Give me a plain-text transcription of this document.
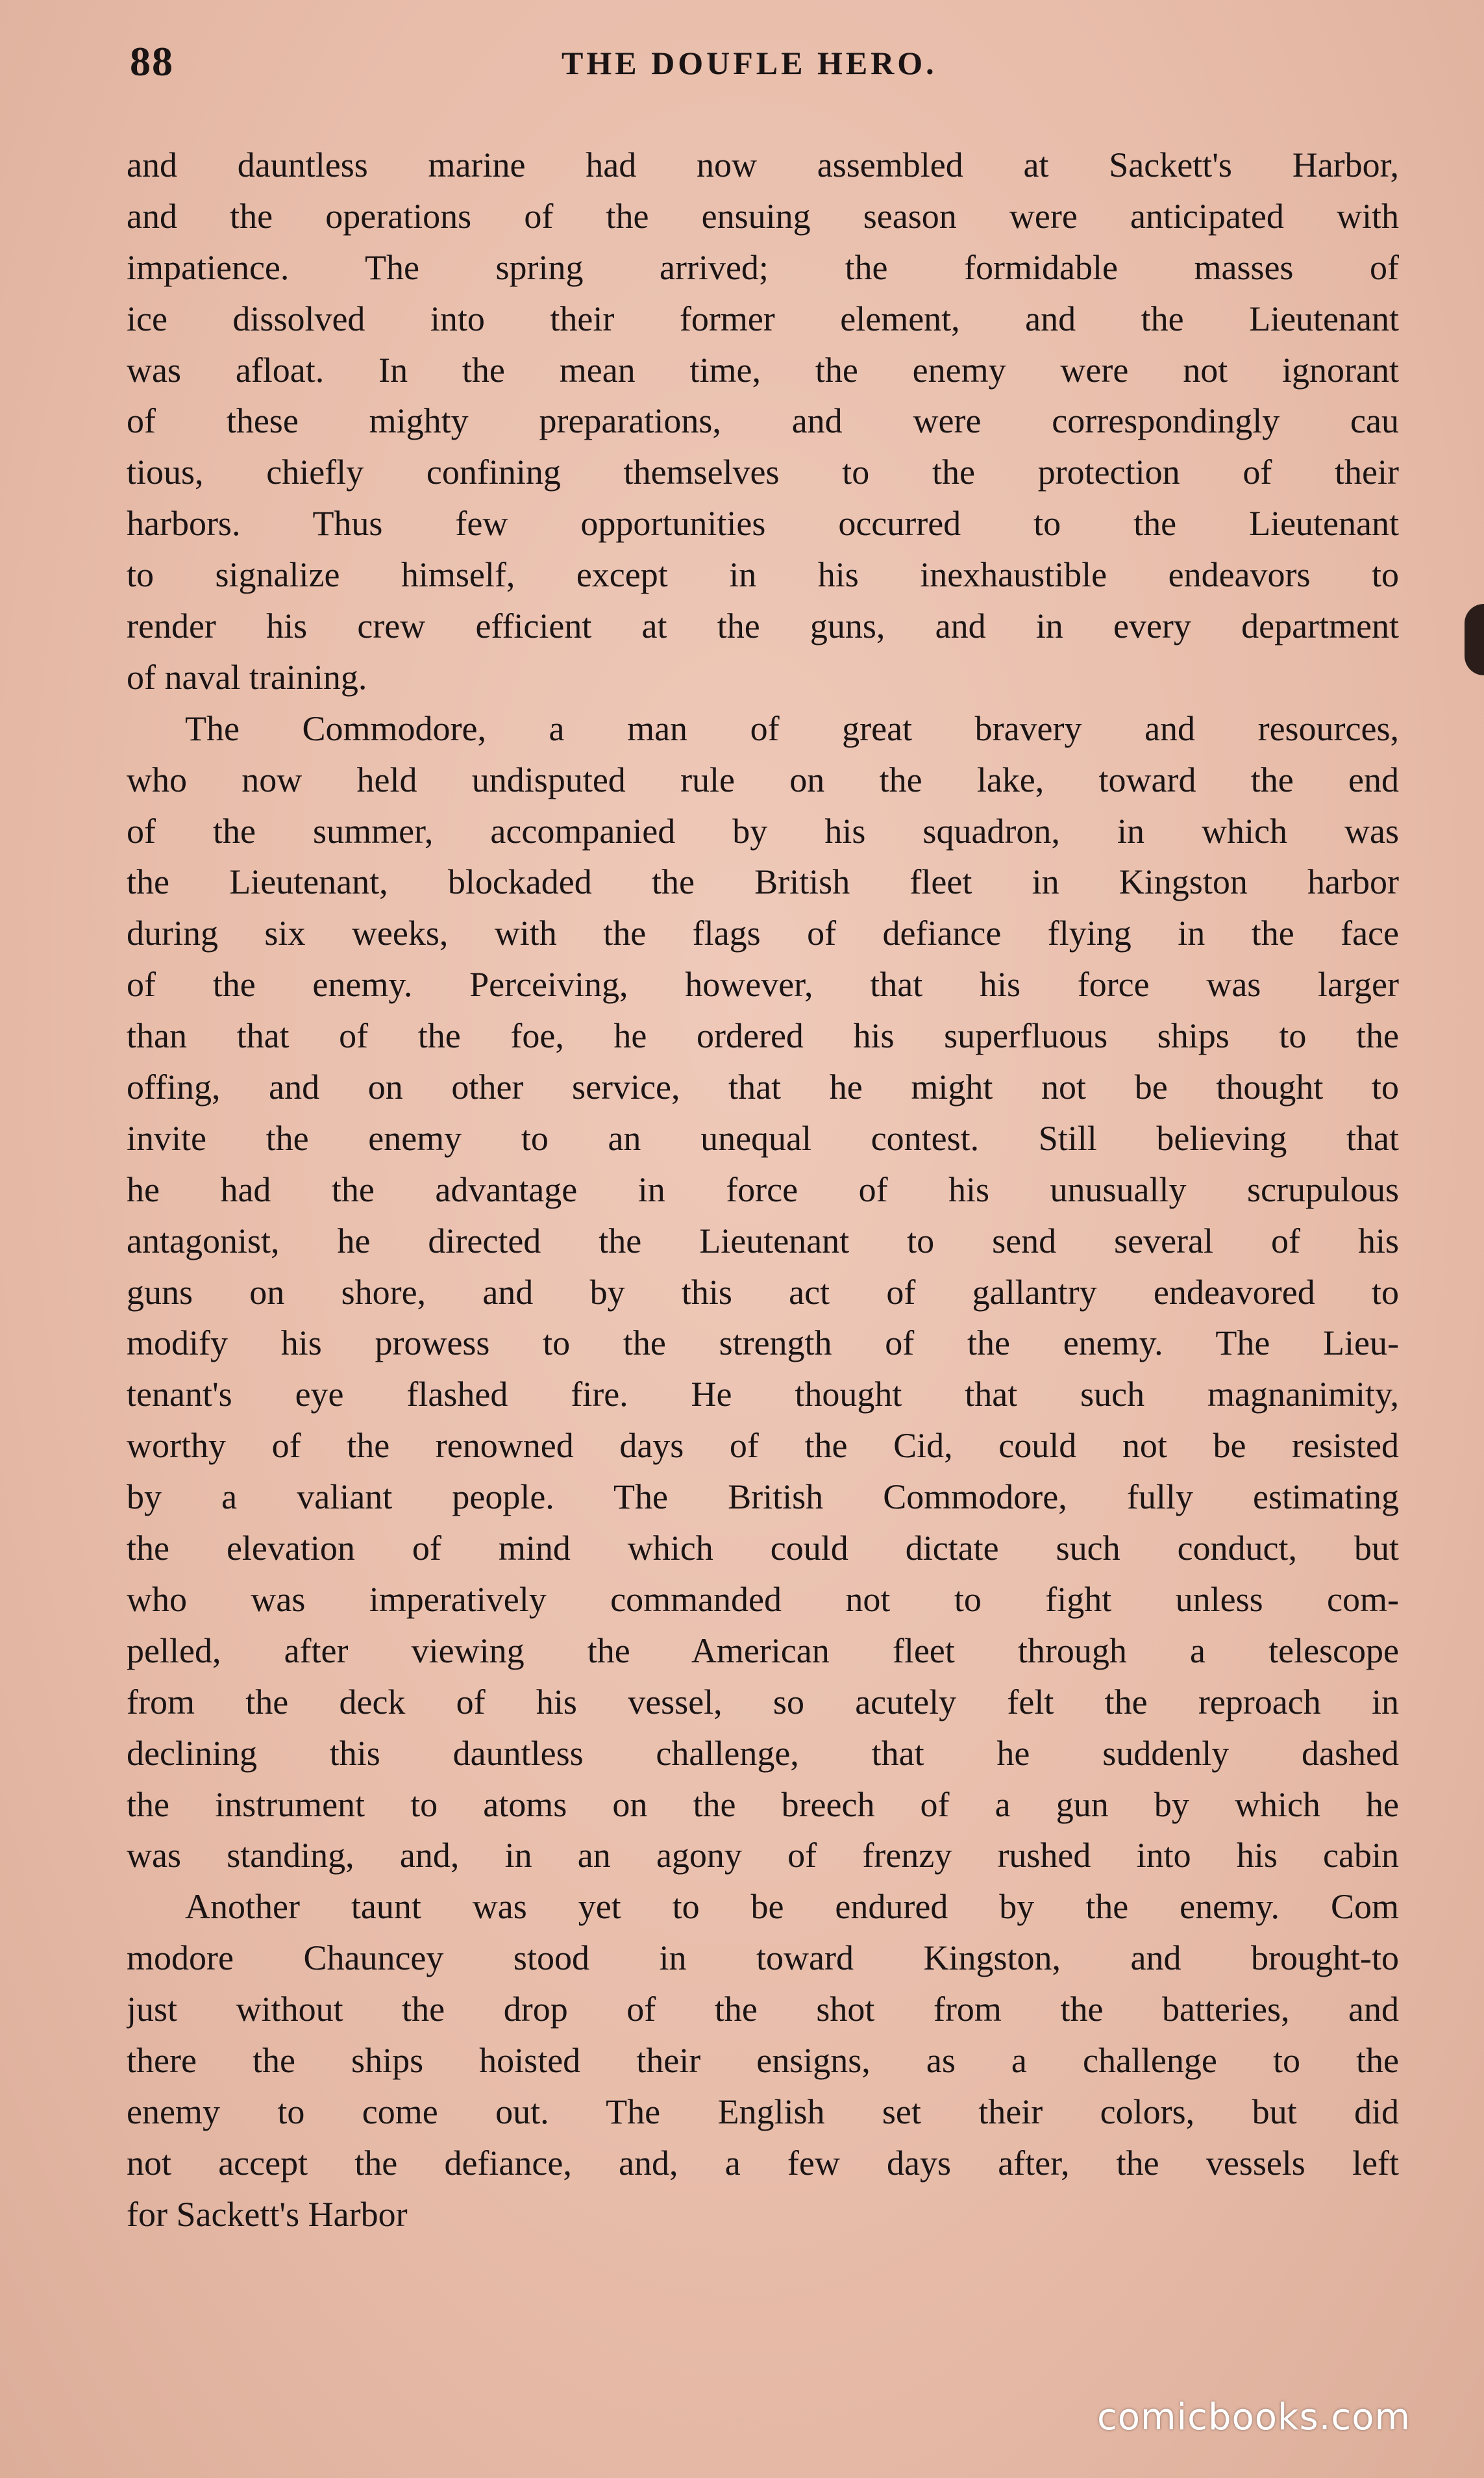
88	THE DOUFLE HERO.
and dauntless marine had now assembled at Sackett's Harbor,
and the operations of the ensuing season were anticipated with
impatience. The spring arrived; the formidable masses of
ice dissolved into their former element, and the Lieutenant
was afloat. In the mean time, the enemy were not ignorant
of these mighty preparations, and were correspondingly cau
tious, chiefly confining themselves to the protection of their
harbors. Thus few opportunities occurred to the Lieutenant
to signalize himself, except in his inexhaustible endeavors to
render his crew efficient at the guns, and in every department
of naval training.
The Commodore, a man of great bravery and resources,
who now held undisputed rule on the lake, toward the end
of the summer, accompanied by his squadron, in which was
the Lieutenant, blockaded the British fleet in Kingston harbor
during six weeks, with the flags of defiance flying in the face
of the enemy. Perceiving, however, that his force was larger
than that of the foe, he ordered his superfluous ships to the
offing, and on other service, that he might not be thought to
invite the enemy to an unequal contest. Still believing that
he had the advantage in force of his unusually scrupulous
antagonist, he directed the Lieutenant to send several of his
guns on shore, and by this act of gallantry endeavored to
modify his prowess to the strength of the enemy. The Lieu-
tenant's eye flashed fire. He thought that such magnanimity,
worthy of the renowned days of the Cid, could not be resisted
by a valiant people. The British Commodore, fully estimating
the elevation of mind which could dictate such conduct, but
who was imperatively commanded not to fight unless com-
pelled, after viewing the American fleet through a telescope
from the deck of his vessel, so acutely felt the reproach in
declining this dauntless challenge, that he suddenly dashed
the instrument to atoms on the breech of a gun by which he
was standing, and, in an agony of frenzy rushed into his cabin
Another taunt was yet to be endured by the enemy. Com
modore Chauncey stood in toward Kingston, and brought-to
just without the drop of the shot from the batteries, and
there the ships hoisted their ensigns, as a challenge to the
enemy to come out. The English set their colors, but did
not accept the defiance, and, a few days after, the vessels left
for Sackett's Harbor
comicbooks.com
